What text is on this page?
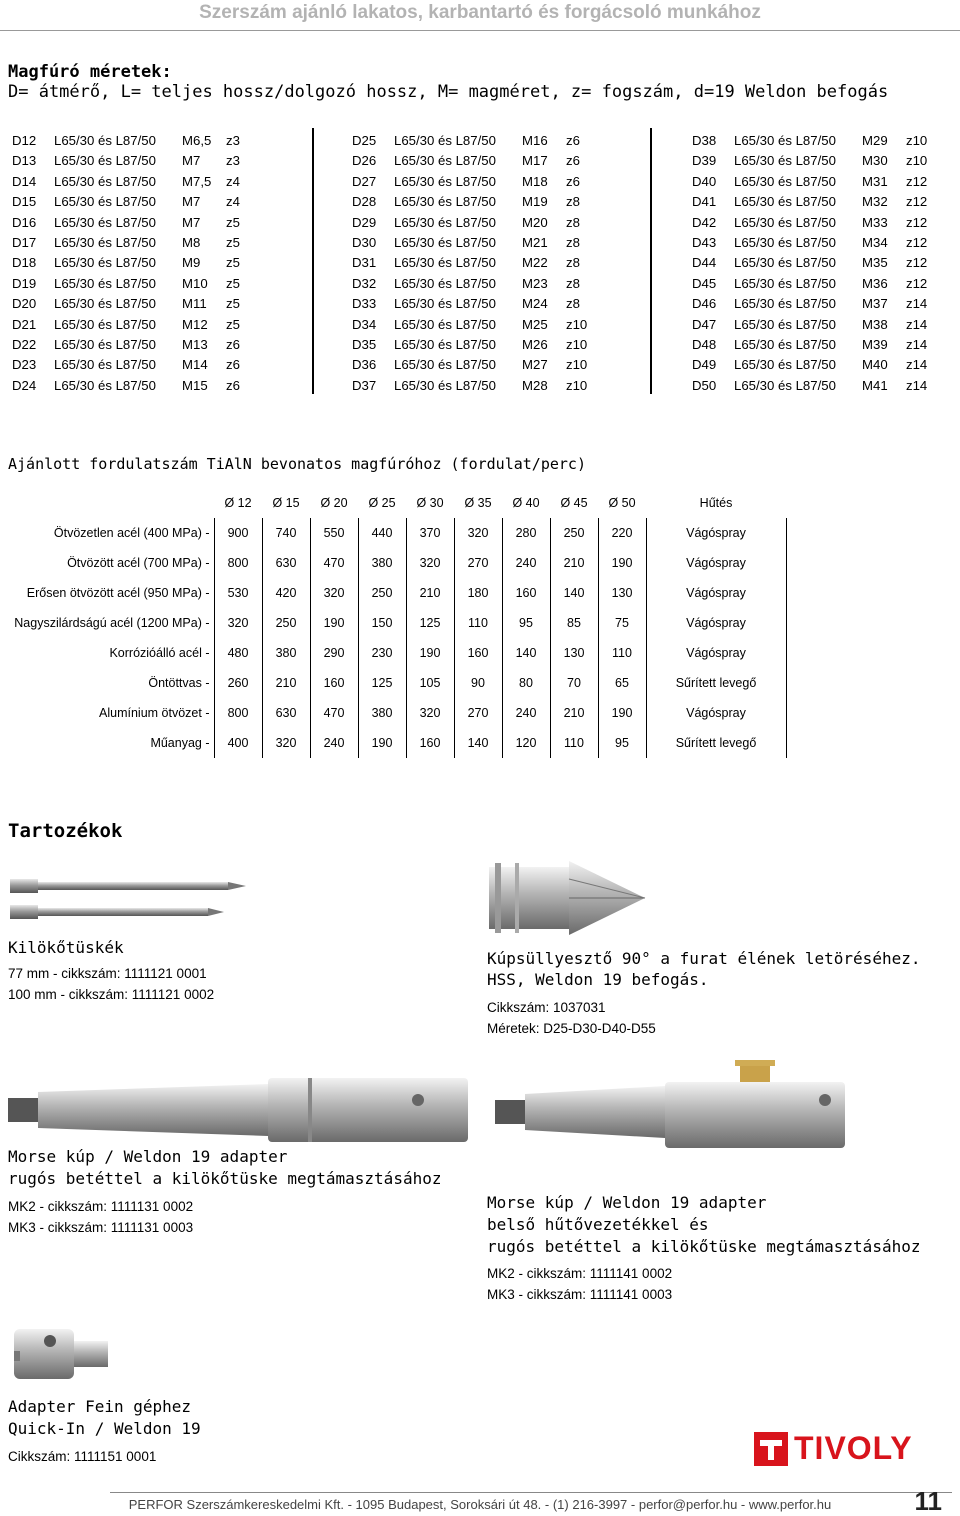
Szerszám ajánló lakatos, karbantartó és forgácsoló munkához
Magfúró méretek:
D= átmérő, L= teljes hossz/dolgozó hossz, M= magméret, z= fogszám, d=19 Weldon befogás
D12	L65/30 és L87/50	M6,5	z3
D13	L65/30 és L87/50	M7	z3
D14	L65/30 és L87/50	M7,5	z4
D15	L65/30 és L87/50	M7	z4
D16	L65/30 és L87/50	M7	z5
D17	L65/30 és L87/50	M8	z5
D18	L65/30 és L87/50	M9	z5
D19	L65/30 és L87/50	M10	z5
D20	L65/30 és L87/50	M11	z5
D21	L65/30 és L87/50	M12	z5
D22	L65/30 és L87/50	M13	z6
D23	L65/30 és L87/50	M14	z6
D24	L65/30 és L87/50	M15	z6
D25	L65/30 és L87/50	M16	z6
D26	L65/30 és L87/50	M17	z6
D27	L65/30 és L87/50	M18	z6
D28	L65/30 és L87/50	M19	z8
D29	L65/30 és L87/50	M20	z8
D30	L65/30 és L87/50	M21	z8
D31	L65/30 és L87/50	M22	z8
D32	L65/30 és L87/50	M23	z8
D33	L65/30 és L87/50	M24	z8
D34	L65/30 és L87/50	M25	z10
D35	L65/30 és L87/50	M26	z10
D36	L65/30 és L87/50	M27	z10
D37	L65/30 és L87/50	M28	z10
D38	L65/30 és L87/50	M29	z10
D39	L65/30 és L87/50	M30	z10
D40	L65/30 és L87/50	M31	z12
D41	L65/30 és L87/50	M32	z12
D42	L65/30 és L87/50	M33	z12
D43	L65/30 és L87/50	M34	z12
D44	L65/30 és L87/50	M35	z12
D45	L65/30 és L87/50	M36	z12
D46	L65/30 és L87/50	M37	z14
D47	L65/30 és L87/50	M38	z14
D48	L65/30 és L87/50	M39	z14
D49	L65/30 és L87/50	M40	z14
D50	L65/30 és L87/50	M41	z14
Ajánlott fordulatszám TiAlN bevonatos magfúróhoz (fordulat/perc)
	Ø 12	Ø 15	Ø 20	Ø 25	Ø 30	Ø 35	Ø 40	Ø 45	Ø 50	Hűtés
Ötvözetlen acél (400 MPa) -	900	740	550	440	370	320	280	250	220	Vágóspray
Ötvözött acél (700 MPa) -	800	630	470	380	320	270	240	210	190	Vágóspray
Erősen ötvözött acél (950 MPa) -	530	420	320	250	210	180	160	140	130	Vágóspray
Nagyszilárdságú acél (1200 MPa) -	320	250	190	150	125	110	95	85	75	Vágóspray
Korrózióálló acél -	480	380	290	230	190	160	140	130	110	Vágóspray
Öntöttvas -	260	210	160	125	105	90	80	70	65	Sűrített levegő
Alumínium ötvözet -	800	630	470	380	320	270	240	210	190	Vágóspray
Műanyag -	400	320	240	190	160	140	120	110	95	Sűrített levegő
Tartozékok
Kilökőtüskék
77 mm - cikkszám: 1111121 0001
100 mm - cikkszám: 1111121 0002
Kúpsüllyesztő 90° a furat élének letöréséhez.
HSS, Weldon 19 befogás.
Cikkszám: 1037031
Méretek: D25-D30-D40-D55
Morse kúp / Weldon 19 adapter
rugós betéttel a kilökőtüske megtámasztásához
MK2 - cikkszám: 1111131 0002
MK3 - cikkszám: 1111131 0003
Morse kúp / Weldon 19 adapter
belső hűtővezetékkel és
rugós betéttel a kilökőtüske megtámasztásához
MK2 - cikkszám: 1111141 0002
MK3 - cikkszám: 1111141 0003
Adapter Fein géphez
Quick-In / Weldon 19
Cikkszám: 1111151 0001	TIVOLY
PERFOR Szerszámkereskedelmi Kft. - 1095 Budapest, Soroksári út 48. - (1) 216-3997 - perfor@perfor.hu - www.perfor.hu	11
